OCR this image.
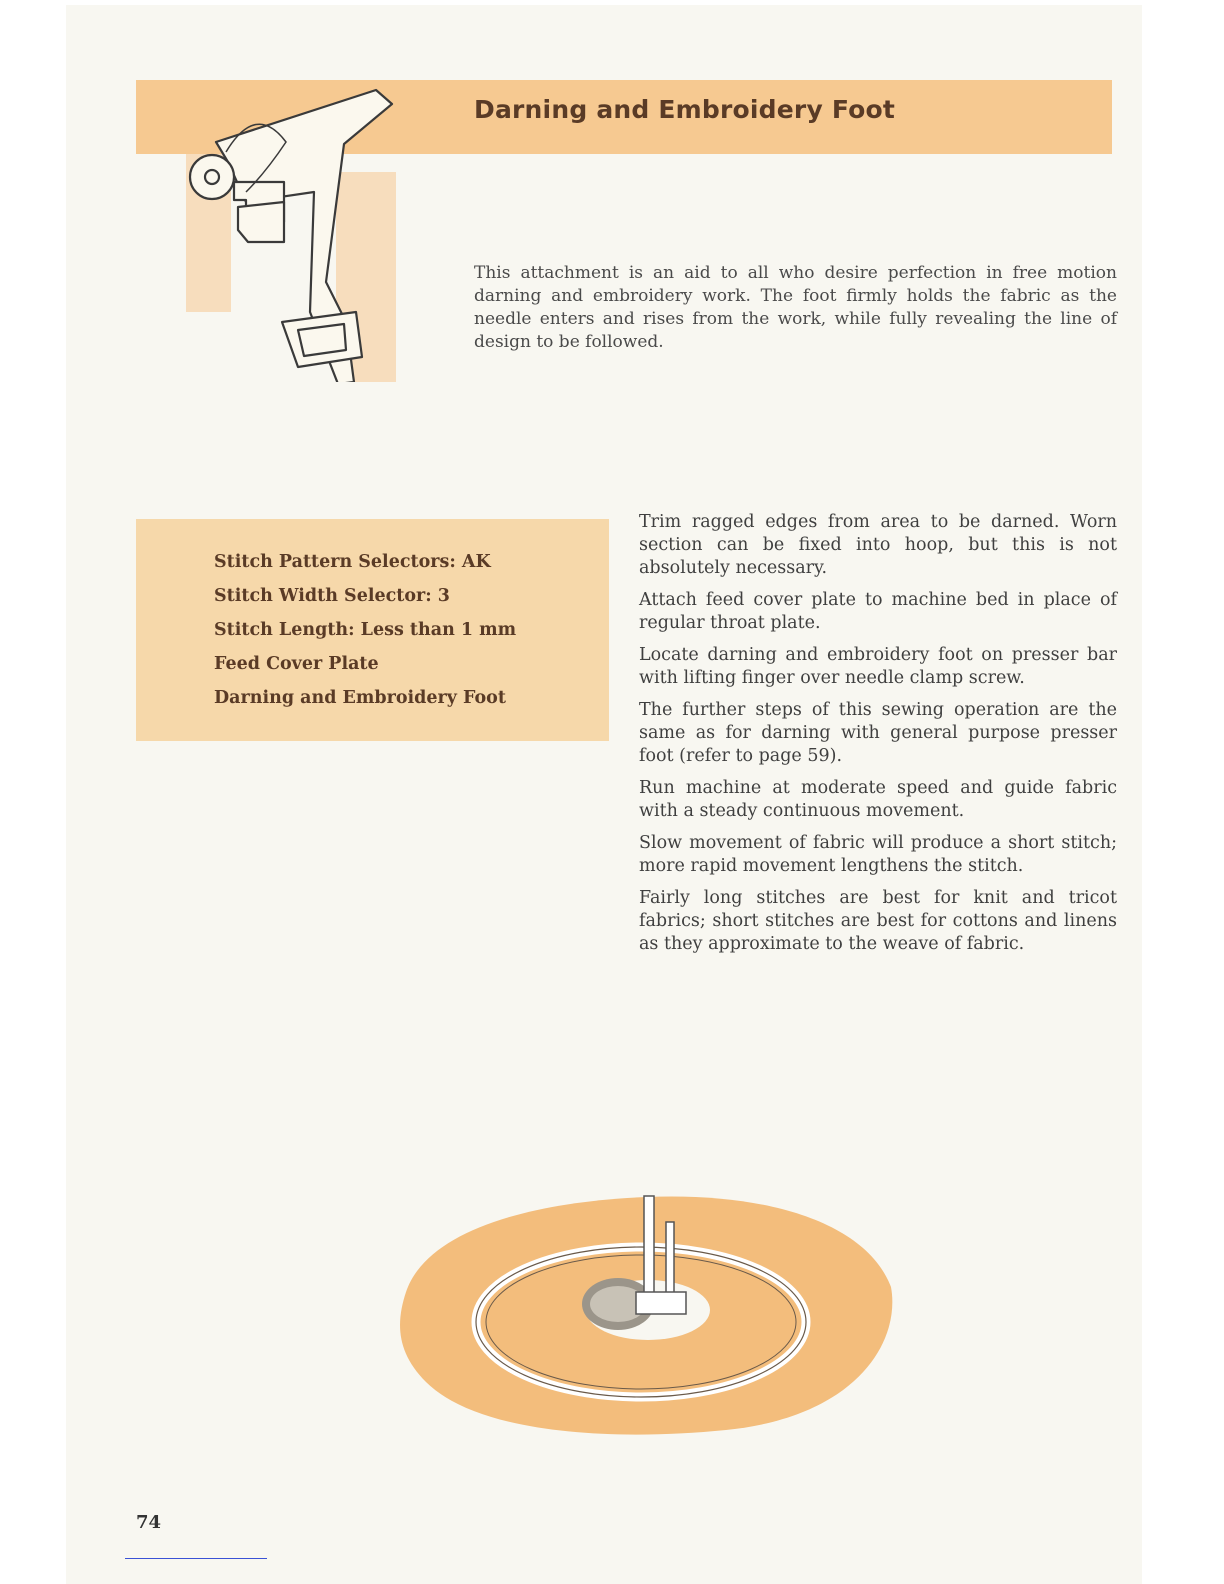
Darning and Embroidery Foot

This attachment is an aid to all who desire perfection in free motion darning and embroidery work. The foot firmly holds the fabric as the needle enters and rises from the work, while fully revealing the line of design to be followed.

Stitch Pattern Selectors: AK
Stitch Width Selector: 3
Stitch Length: Less than 1 mm
Feed Cover Plate
Darning and Embroidery Foot

Trim ragged edges from area to be darned. Worn section can be fixed into hoop, but this is not absolutely necessary.

Attach feed cover plate to machine bed in place of regular throat plate.

Locate darning and embroidery foot on presser bar with lifting finger over needle clamp screw.

The further steps of this sewing operation are the same as for darning with general purpose presser foot (refer to page 59).

Run machine at moderate speed and guide fabric with a steady continuous movement.

Slow movement of fabric will produce a short stitch; more rapid movement lengthens the stitch.

Fairly long stitches are best for knit and tricot fabrics; short stitches are best for cottons and linens as they approximate to the weave of fabric.

74
